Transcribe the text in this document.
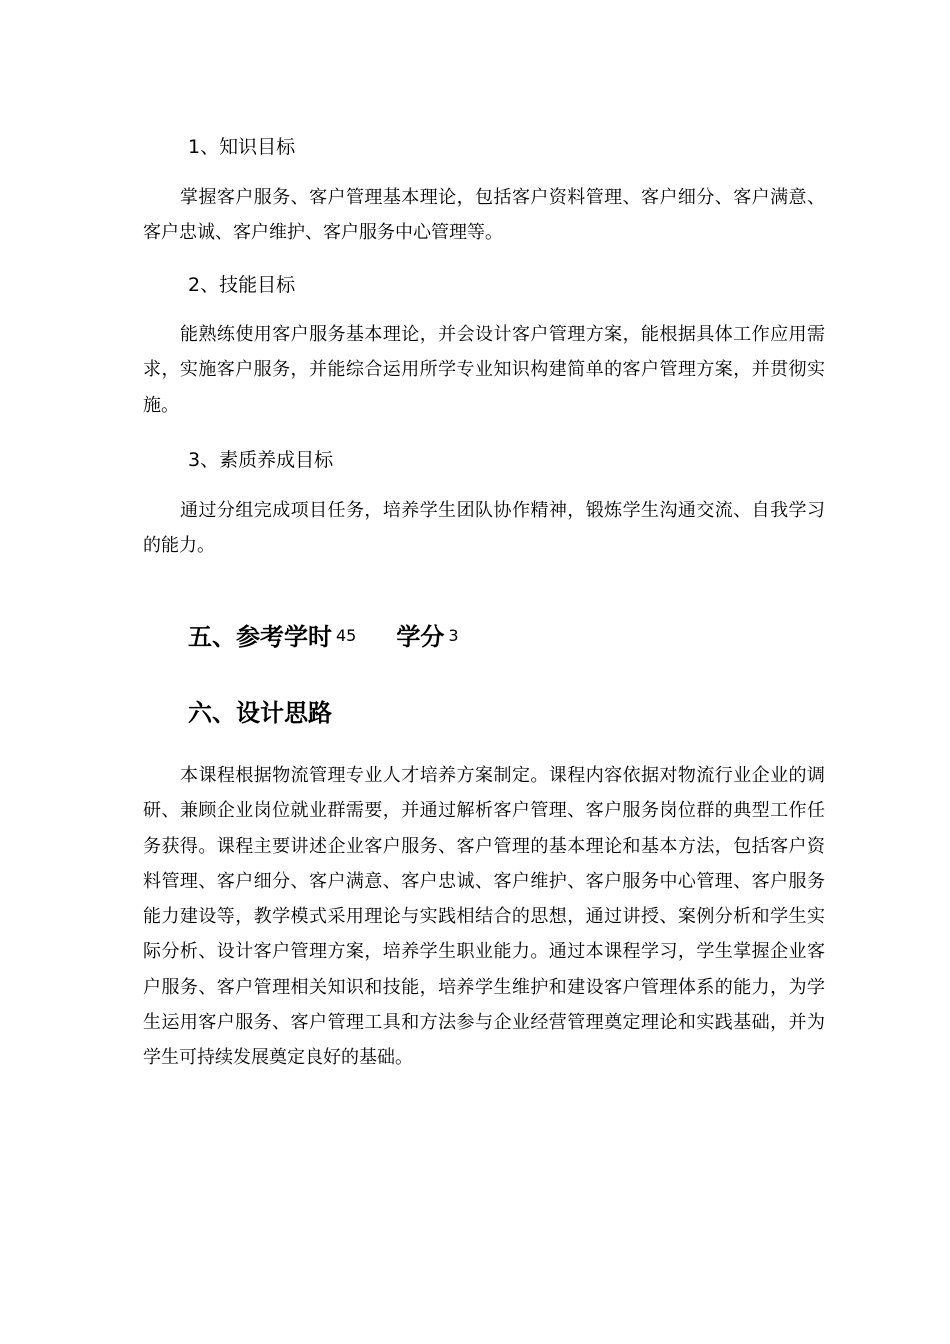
1、知识目标
掌握客户服务、客户管理基本理论，包括客户资料管理、客户细分、客户满意、客户忠诚、客户维护、客户服务中心管理等。
2、技能目标
能熟练使用客户服务基本理论，并会设计客户管理方案，能根据具体工作应用需求，实施客户服务，并能综合运用所学专业知识构建简单的客户管理方案，并贯彻实施。
3、素质养成目标
通过分组完成项目任务，培养学生团队协作精神，锻炼学生沟通交流、自我学习的能力。
五、参考学时 45 学分 3
六、设计思路
本课程根据物流管理专业人才培养方案制定。课程内容依据对物流行业企业的调研、兼顾企业岗位就业群需要，并通过解析客户管理、客户服务岗位群的典型工作任务获得。课程主要讲述企业客户服务、客户管理的基本理论和基本方法，包括客户资料管理、客户细分、客户满意、客户忠诚、客户维护、客户服务中心管理、客户服务能力建设等，教学模式采用理论与实践相结合的思想，通过讲授、案例分析和学生实际分析、设计客户管理方案，培养学生职业能力。通过本课程学习，学生掌握企业客户服务、客户管理相关知识和技能，培养学生维护和建设客户管理体系的能力，为学生运用客户服务、客户管理工具和方法参与企业经营管理奠定理论和实践基础，并为学生可持续发展奠定良好的基础。
